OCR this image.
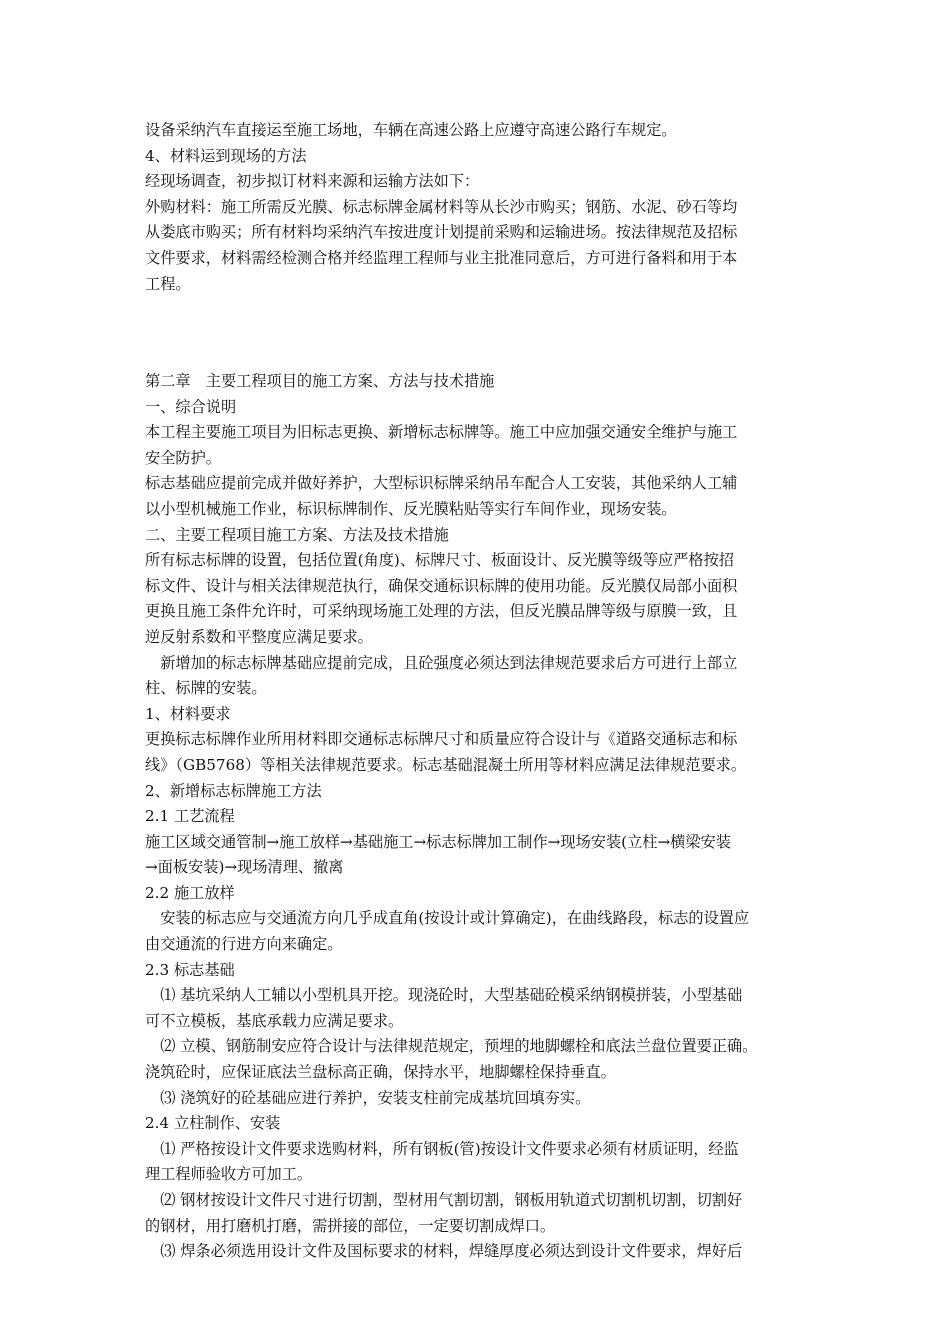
设备采纳汽车直接运至施工场地，车辆在高速公路上应遵守高速公路行车规定。

4、材料运到现场的方法

经现场调查，初步拟订材料来源和运输方法如下：

外购材料：施工所需反光膜、标志标牌金属材料等从长沙市购买；钢筋、水泥、砂石等均

从娄底市购买；所有材料均采纳汽车按进度计划提前采购和运输进场。按法律规范及招标

文件要求，材料需经检测合格并经监理工程师与业主批准同意后，方可进行备料和用于本

工程。

第二章　主要工程项目的施工方案、方法与技术措施

一、综合说明

本工程主要施工项目为旧标志更换、新增标志标牌等。施工中应加强交通安全维护与施工

安全防护。

标志基础应提前完成并做好养护，大型标识标牌采纳吊车配合人工安装，其他采纳人工辅

以小型机械施工作业，标识标牌制作、反光膜粘贴等实行车间作业，现场安装。

二、主要工程项目施工方案、方法及技术措施

所有标志标牌的设置，包括位置(角度)、标牌尺寸、板面设计、反光膜等级等应严格按招

标文件、设计与相关法律规范执行，确保交通标识标牌的使用功能。反光膜仅局部小面积

更换且施工条件允许时，可采纳现场施工处理的方法，但反光膜品牌等级与原膜一致，且

逆反射系数和平整度应满足要求。

　新增加的标志标牌基础应提前完成，且砼强度必须达到法律规范要求后方可进行上部立

柱、标牌的安装。

1、材料要求

更换标志标牌作业所用材料即交通标志标牌尺寸和质量应符合设计与《道路交通标志和标

线》（GB5768）等相关法律规范要求。标志基础混凝土所用等材料应满足法律规范要求。

2、新增标志标牌施工方法

2.1 工艺流程

施工区域交通管制→施工放样→基础施工→标志标牌加工制作→现场安装(立柱→横梁安装

→面板安装)→现场清理、撤离

2.2 施工放样

　安装的标志应与交通流方向几乎成直角(按设计或计算确定)，在曲线路段，标志的设置应

由交通流的行进方向来确定。

2.3 标志基础

　⑴ 基坑采纳人工辅以小型机具开挖。现浇砼时，大型基础砼模采纳钢模拼装，小型基础

可不立模板，基底承载力应满足要求。

　⑵ 立模、钢筋制安应符合设计与法律规范规定，预埋的地脚螺栓和底法兰盘位置要正确。

浇筑砼时，应保证底法兰盘标高正确，保持水平，地脚螺栓保持垂直。

　⑶ 浇筑好的砼基础应进行养护，安装支柱前完成基坑回填夯实。

2.4 立柱制作、安装

　⑴ 严格按设计文件要求选购材料，所有钢板(管)按设计文件要求必须有材质证明，经监

理工程师验收方可加工。

　⑵ 钢材按设计文件尺寸进行切割，型材用气割切割，钢板用轨道式切割机切割，切割好

的钢材，用打磨机打磨，需拼接的部位，一定要切割成焊口。

　⑶ 焊条必须选用设计文件及国标要求的材料，焊缝厚度必须达到设计文件要求，焊好后
